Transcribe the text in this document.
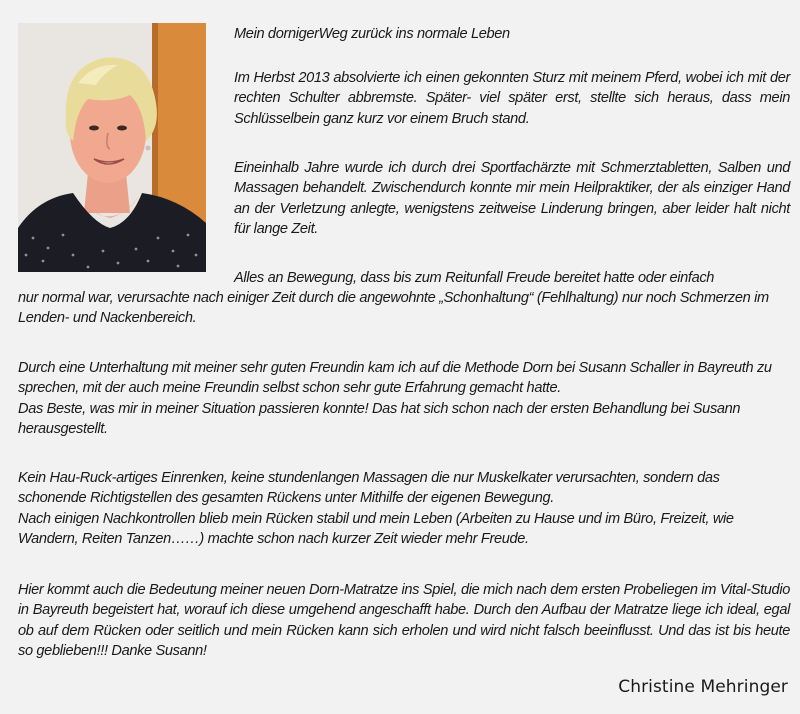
Mein dornigerWeg zurück ins normale Leben
Im Herbst 2013 absolvierte ich einen gekonnten Sturz mit meinem Pferd, wobei ich mit der rechten Schulter abbremste. Später- viel später erst, stellte sich heraus, dass mein Schlüsselbein ganz kurz vor einem Bruch stand.
Eineinhalb Jahre wurde ich durch drei Sportfachärzte mit Schmerztabletten, Salben und Massagen behandelt. Zwischendurch konnte mir mein Heilpraktiker, der als einziger Hand an der Verletzung anlegte, wenigstens zeitweise Linderung bringen, aber leider halt nicht für lange Zeit.
Alles an Bewegung, dass bis zum Reitunfall Freude bereitet hatte oder einfach
nur normal war, verursachte nach einiger Zeit durch die angewohnte „Schonhaltung“ (Fehlhaltung) nur noch Schmerzen im Lenden- und Nackenbereich.

Durch eine Unterhaltung mit meiner sehr guten Freundin kam ich auf die Methode Dorn bei Susann Schaller in Bayreuth zu sprechen, mit der auch meine Freundin selbst schon sehr gute Erfahrung gemacht hatte.

Das Beste, was mir in meiner Situation passieren konnte! Das hat sich schon nach der ersten Behandlung bei Susann herausgestellt.

Kein Hau-Ruck-artiges Einrenken, keine stundenlangen Massagen die nur Muskelkater verursachten, sondern das schonende Richtigstellen des gesamten Rückens unter Mithilfe der eigenen Bewegung.

Nach einigen Nachkontrollen blieb mein Rücken stabil und mein Leben (Arbeiten zu Hause und im Büro, Freizeit, wie Wandern, Reiten Tanzen……) machte schon nach kurzer Zeit wieder mehr Freude.

Hier kommt auch die Bedeutung meiner neuen Dorn-Matratze ins Spiel, die mich nach dem ersten Probeliegen im Vital-Studio in Bayreuth begeistert hat, worauf ich diese umgehend angeschafft habe. Durch den Aufbau der Matratze liege ich ideal, egal ob auf dem Rücken oder seitlich und mein Rücken kann sich erholen und wird nicht falsch beeinflusst. Und das ist bis heute so geblieben!!! Danke Susann!
Christine Mehringer
